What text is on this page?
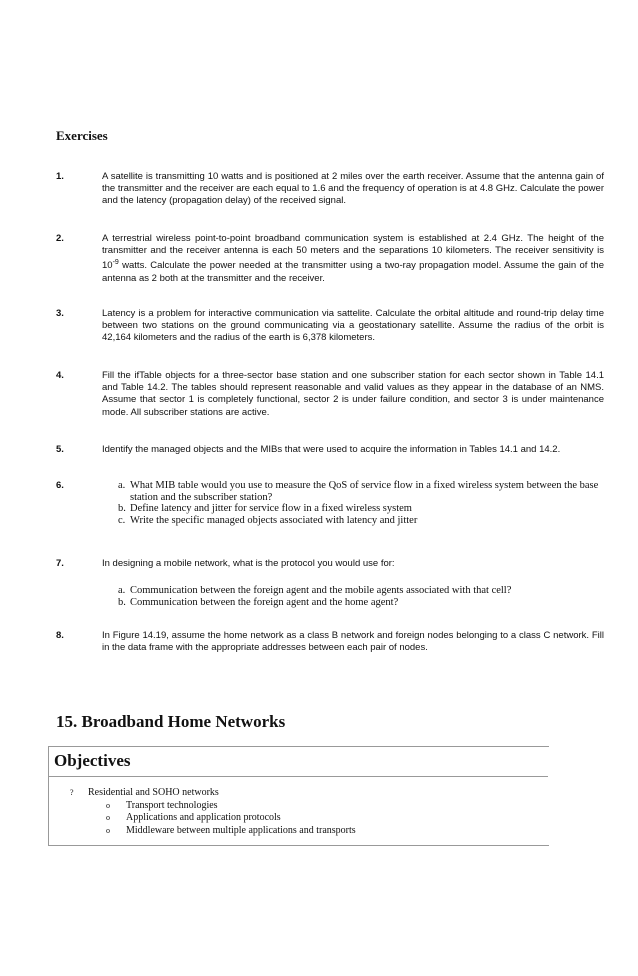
Exercises
1.	A satellite is transmitting 10 watts and is positioned at 2 miles over the earth receiver. Assume that the antenna gain of the transmitter and the receiver are each equal to 1.6 and the frequency of operation is at 4.8 GHz. Calculate the power and the latency (propagation delay) of the received signal.
2.	A terrestrial wireless point-to-point broadband communication system is established at 2.4 GHz. The height of the transmitter and the receiver antenna is each 50 meters and the separations 10 kilometers. The receiver sensitivity is $10^{-9}$ watts. Calculate the power needed at the transmitter using a two-ray propagation model. Assume the gain of the antenna as 2 both at the transmitter and the receiver.
3.	Latency is a problem for interactive communication via sattelite. Calculate the orbital altitude and round-trip delay time between two stations on the ground communicating via a geostationary satellite. Assume the radius of the orbit is 42,164 kilometers and the radius of the earth is 6,378 kilometers.
4.	Fill the ifTable objects for a three-sector base station and one subscriber station for each sector shown in Table 14.1 and Table 14.2. The tables should represent reasonable and valid values as they appear in the database of an NMS. Assume that sector 1 is completely functional, sector 2 is under failure condition, and sector 3 is under maintenance mode. All subscriber stations are active.
5.	Identify the managed objects and the MIBs that were used to acquire the information in Tables 14.1 and 14.2.
6.	a. What MIB table would you use to measure the QoS of service flow in a fixed wireless system between the base station and the subscriber station?
b. Define latency and jitter for service flow in a fixed wireless system
c. Write the specific managed objects associated with latency and jitter
7.	In designing a mobile network, what is the protocol you would use for:
a. Communication between the foreign agent and the mobile agents associated with that cell?
b. Communication between the foreign agent and the home agent?
8.	In Figure 14.19, assume the home network as a class B network and foreign nodes belonging to a class C network. Fill in the data frame with the appropriate addresses between each pair of nodes.
15. Broadband Home Networks
Objectives
? Residential and SOHO networks
o Transport technologies
o Applications and application protocols
o Middleware between multiple applications and transports
